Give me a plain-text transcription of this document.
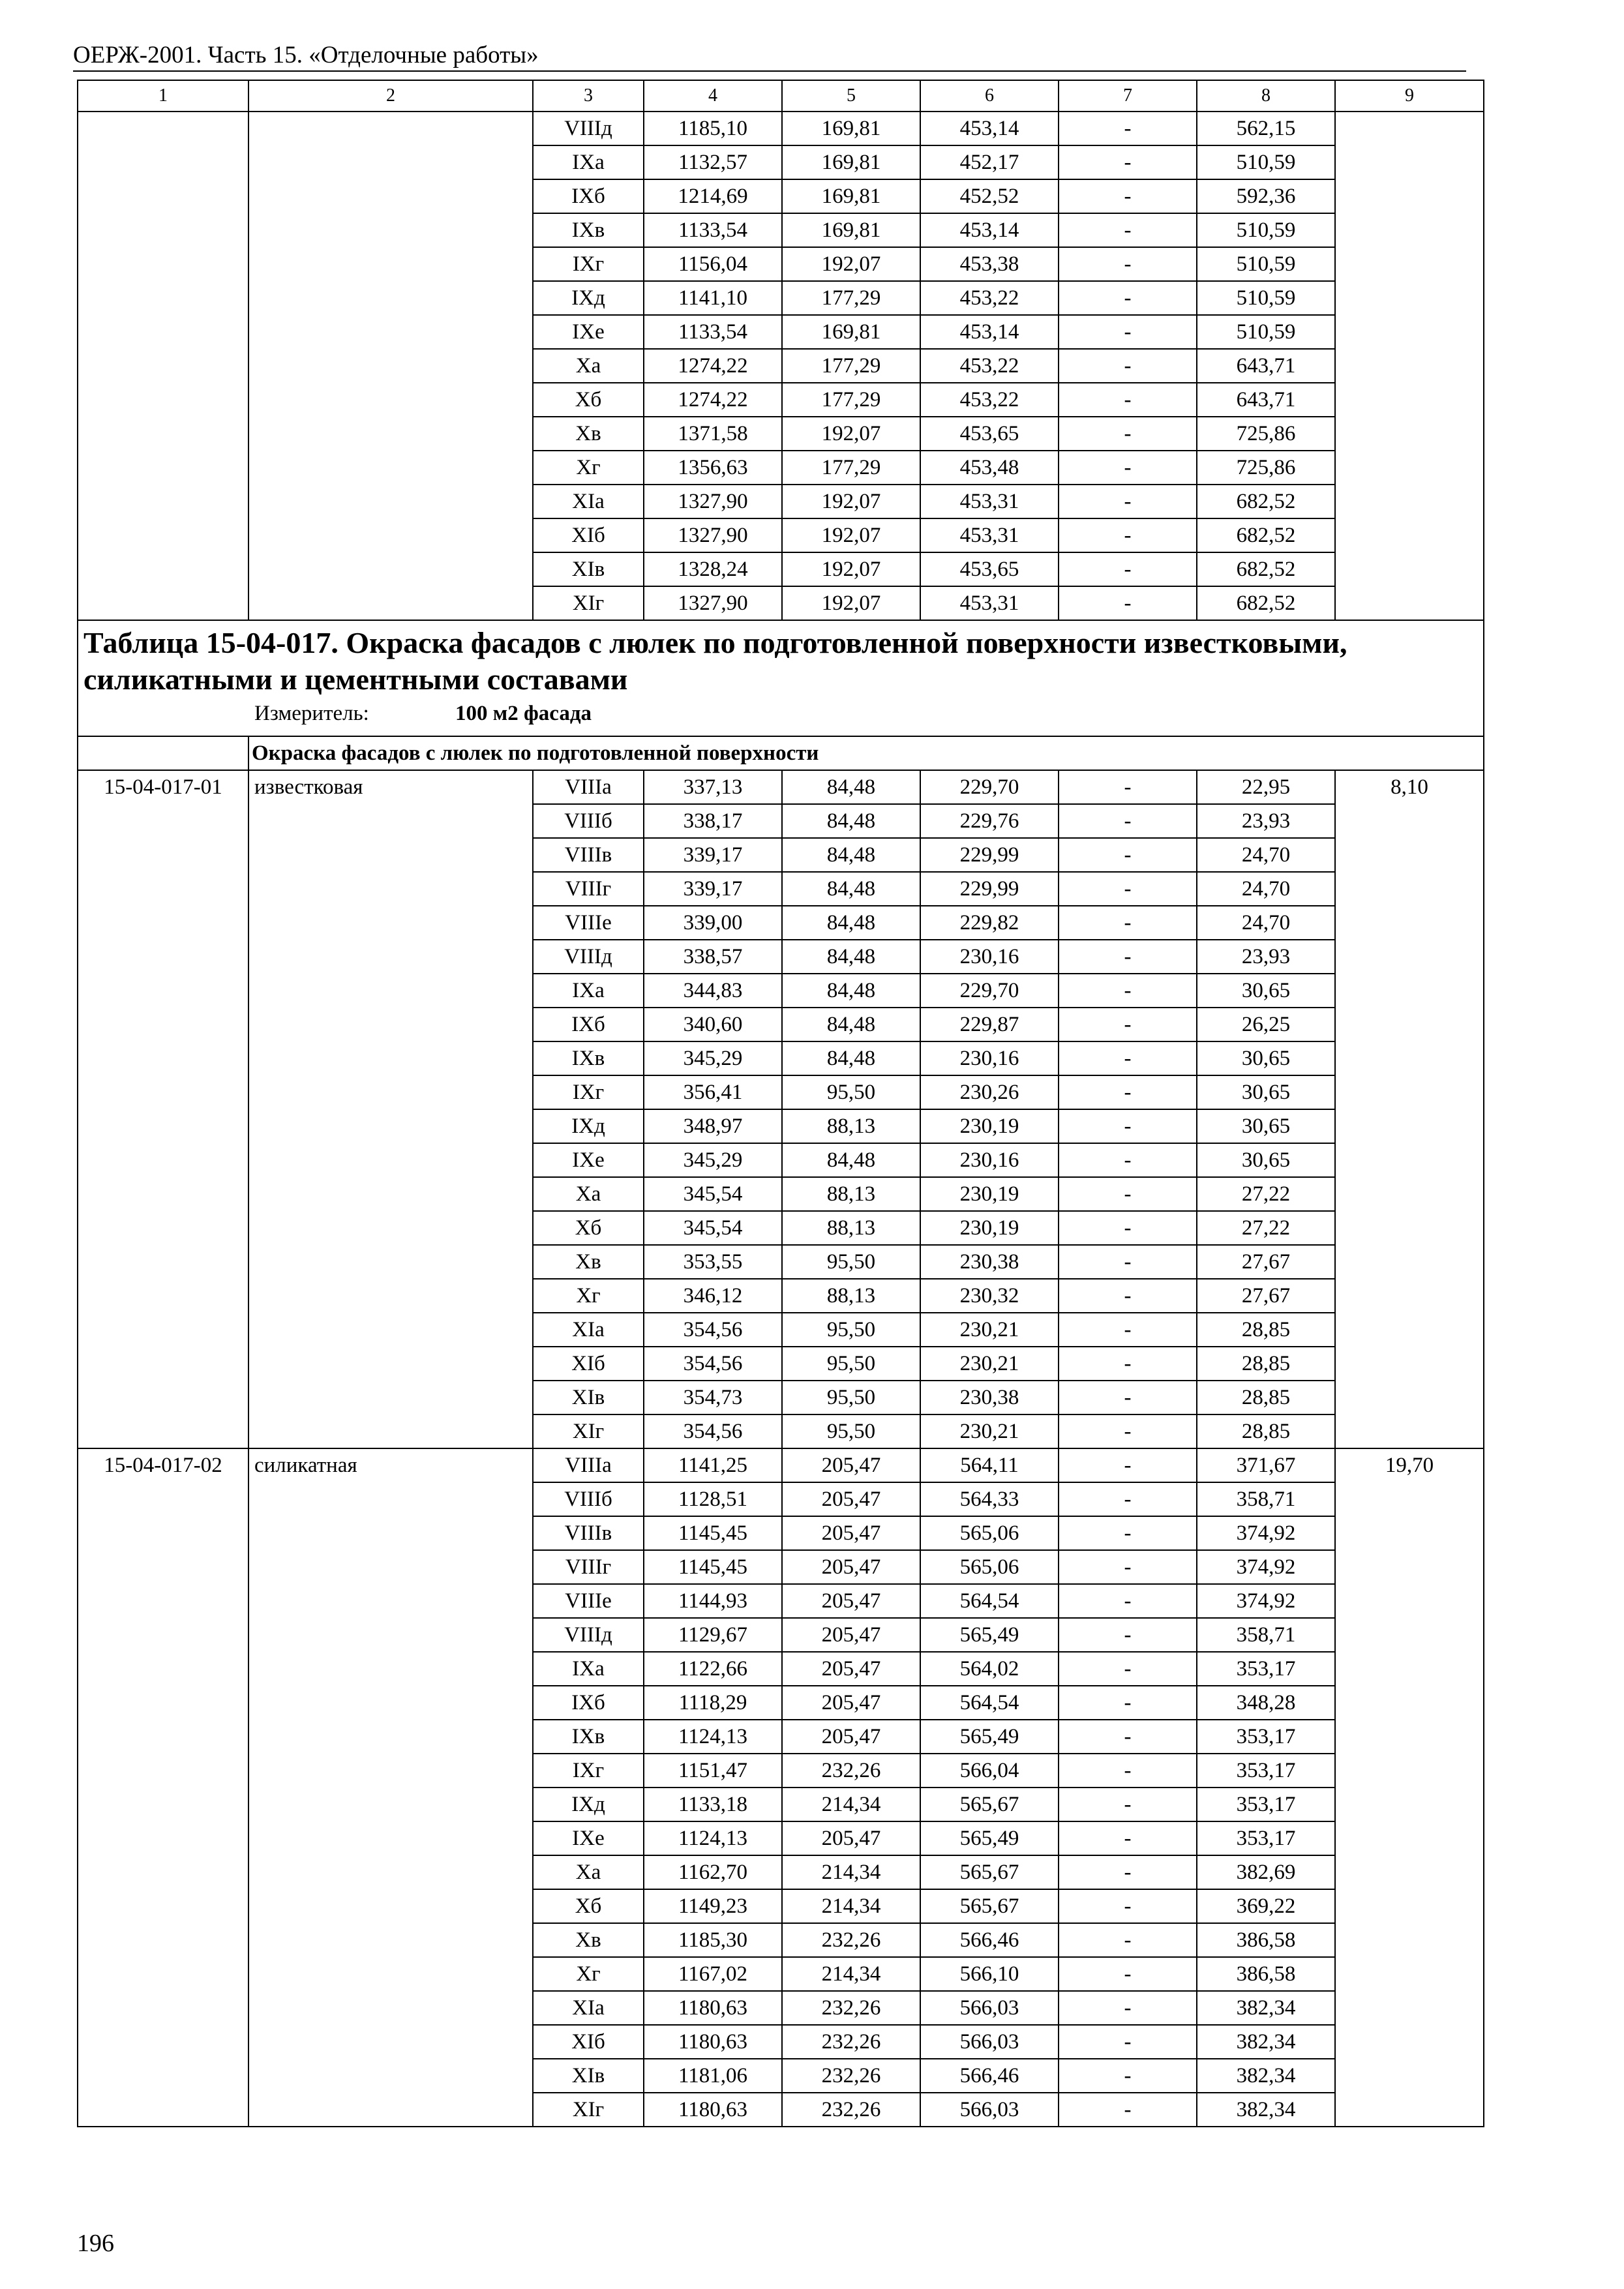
ОЕРЖ-2001. Часть 15. «Отделочные работы»
1	2	3	4	5	6	7	8	9
		VIIIд	1185,10	169,81	453,14	-	562,15	
		IXa	1132,57	169,81	452,17	-	510,59	
		IXб	1214,69	169,81	452,52	-	592,36	
		IXв	1133,54	169,81	453,14	-	510,59	
		IXг	1156,04	192,07	453,38	-	510,59	
		IXд	1141,10	177,29	453,22	-	510,59	
		IXe	1133,54	169,81	453,14	-	510,59	
		Xa	1274,22	177,29	453,22	-	643,71	
		Xб	1274,22	177,29	453,22	-	643,71	
		Xв	1371,58	192,07	453,65	-	725,86	
		Xг	1356,63	177,29	453,48	-	725,86	
		XIa	1327,90	192,07	453,31	-	682,52	
		XIб	1327,90	192,07	453,31	-	682,52	
		XIв	1328,24	192,07	453,65	-	682,52	
		XIг	1327,90	192,07	453,31	-	682,52	

Таблица 15-04-017. Окраска фасадов с люлек по подготовленной поверхности известковыми, силикатными и цементными составами
Измеритель: 100 м2 фасада								

	Окраска фасадов с люлек по подготовленной поверхности							
15-04-017-01	известковая	VIIIa	337,13	84,48	229,70	-	22,95	8,10
		VIIIб	338,17	84,48	229,76	-	23,93	
		VIIIв	339,17	84,48	229,99	-	24,70	
		VIIIг	339,17	84,48	229,99	-	24,70	
		VIIIe	339,00	84,48	229,82	-	24,70	
		VIIIд	338,57	84,48	230,16	-	23,93	
		IXa	344,83	84,48	229,70	-	30,65	
		IXб	340,60	84,48	229,87	-	26,25	
		IXв	345,29	84,48	230,16	-	30,65	
		IXг	356,41	95,50	230,26	-	30,65	
		IXд	348,97	88,13	230,19	-	30,65	
		IXe	345,29	84,48	230,16	-	30,65	
		Xa	345,54	88,13	230,19	-	27,22	
		Xб	345,54	88,13	230,19	-	27,22	
		Xв	353,55	95,50	230,38	-	27,67	
		Xг	346,12	88,13	230,32	-	27,67	
		XIa	354,56	95,50	230,21	-	28,85	
		XIб	354,56	95,50	230,21	-	28,85	
		XIв	354,73	95,50	230,38	-	28,85	
		XIг	354,56	95,50	230,21	-	28,85	
15-04-017-02	силикатная	VIIIa	1141,25	205,47	564,11	-	371,67	19,70
		VIIIб	1128,51	205,47	564,33	-	358,71	
		VIIIв	1145,45	205,47	565,06	-	374,92	
		VIIIг	1145,45	205,47	565,06	-	374,92	
		VIIIe	1144,93	205,47	564,54	-	374,92	
		VIIIд	1129,67	205,47	565,49	-	358,71	
		IXa	1122,66	205,47	564,02	-	353,17	
		IXб	1118,29	205,47	564,54	-	348,28	
		IXв	1124,13	205,47	565,49	-	353,17	
		IXг	1151,47	232,26	566,04	-	353,17	
		IXд	1133,18	214,34	565,67	-	353,17	
		IXe	1124,13	205,47	565,49	-	353,17	
		Xa	1162,70	214,34	565,67	-	382,69	
		Xб	1149,23	214,34	565,67	-	369,22	
		Xв	1185,30	232,26	566,46	-	386,58	
		Xг	1167,02	214,34	566,10	-	386,58	
		XIa	1180,63	232,26	566,03	-	382,34	
		XIб	1180,63	232,26	566,03	-	382,34	
		XIв	1181,06	232,26	566,46	-	382,34	
		XIг	1180,63	232,26	566,03	-	382,34	
196
